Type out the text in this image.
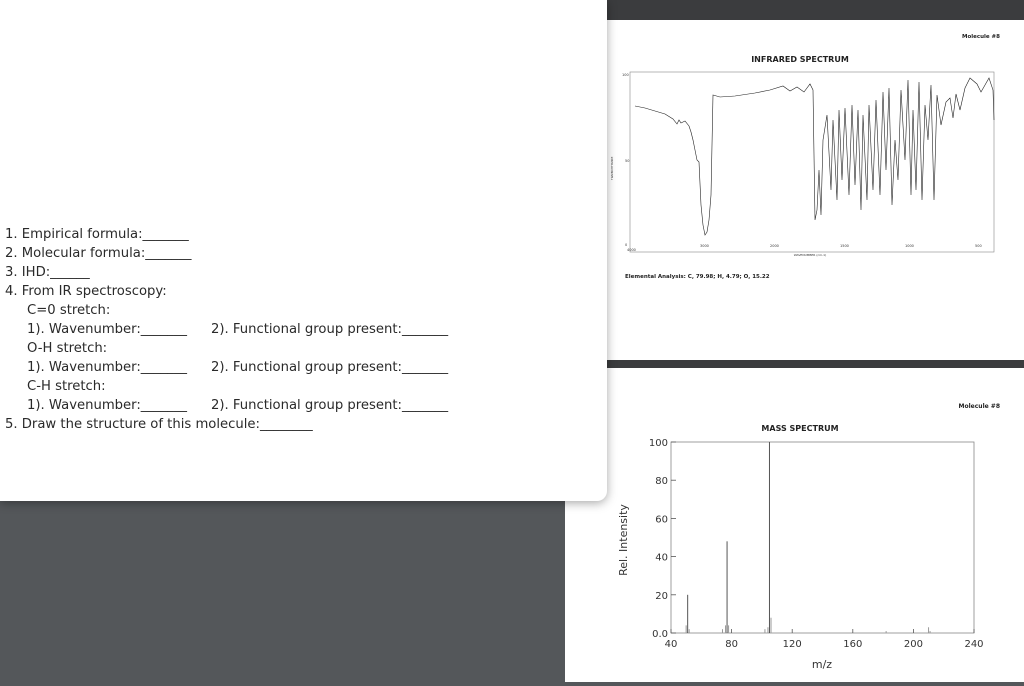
Molecule #8
INFRARED SPECTRUM
100
50
0
TRANSMITTANCE
4000
3000	2000	1500	1000	500
WAVENUMBER (cm-1)
Elemental Analysis: C, 79.98; H, 4.79; O, 15.22
Molecule #8
MASS SPECTRUM
0.0
20
40
60
80
100
40	80	120	160	200	240
Rel. Intensity
m/z
1. Empirical formula:_______
2. Molecular formula:_______
3. IHD:______
4. From IR spectroscopy:
C=0 stretch:
1). Wavenumber:_______ 2). Functional group present:_______
O-H stretch:
1). Wavenumber:_______ 2). Functional group present:_______
C-H stretch:
1). Wavenumber:_______ 2). Functional group present:_______
5. Draw the structure of this molecule:________
